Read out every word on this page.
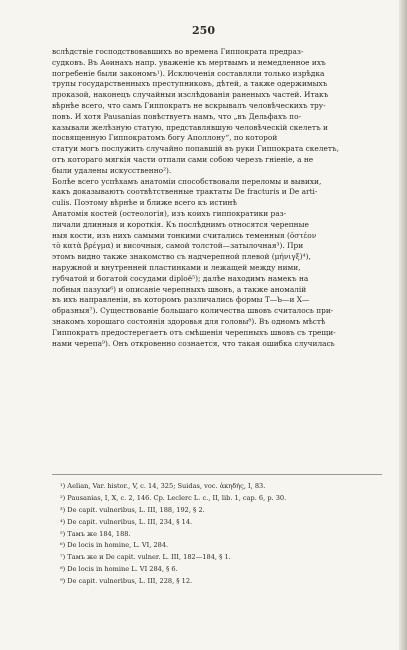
250
вслѣдствіе господствовавшихъ во времена Гиппократа предраз-
судковъ. Въ Аѳинахъ напр. уваженіе къ мертвымъ и немедленное ихъ
погребеніе были закономъ¹). Исключенія составляли только изрѣдка
трупы государственныхъ преступниковъ, дѣтей, а также одержимыхъ
проказой, наконецъ случайныя изслѣдованія раненыхъ частей. Итакъ
вѣрнѣе всего, что самъ Гиппократъ не вскрывалъ человѣческихъ тру-
повъ. И хотя Pausanias повѣствуетъ намъ, что „въ Дельфахъ по-
казывали желѣзную статую, представлявшую человѣческій скелетъ и
посвященную Гиппократомъ богу Аполлону“, по которой
статуи могъ послужить случайно попавшій въ руки Гиппократа скелетъ,
отъ котораго мягкія части отпали сами собою черезъ гніеніе, а не
были удалены искусственно²).
Болѣе всего успѣхамъ анатоміи способствовали переломы и вывихи,
какъ доказываютъ соотвѣтственные трактаты De fracturis и De arti-
culis. Поэтому вѣрнѣе и ближе всего къ истинѣ
Анатомія костей (остеологія), изъ коихъ гиппократики раз-
личали длинныя и короткія. Къ послѣднимъ относятся черепные
ныя кости, изъ нихъ самыми тонкими считались теменныя (ὀστέον
τὸ κατὰ βρέγμα) и височныя, самой толстой—затылочная³). При
этомъ видно также знакомство съ надчерепной плевой (μήνιγξ)⁴),
наружной и внутренней пластинками и лежащей между ними,
губчатой и богатой сосудами diploë⁵); далѣе находимъ намекъ на
лобныя пазухи⁶) и описаніе черепныхъ швовъ, а также аномалій
въ ихъ направленіи, въ которомъ различались формы Т—Ꙏ—и Х—
образныя⁷). Существованіе большаго количества швовъ считалось при-
знакомъ хорошаго состоянія здоровья для головы⁸). Въ одномъ мѣстѣ
Гиппократъ предостерегаетъ отъ смѣшенія черепныхъ швовъ съ трещи-
нами черепа⁹). Онъ откровенно сознается, что такая ошибка случилась
¹) Aelian, Var. histor., V, с. 14, 325; Suidas, voc. ἀκηδής, I, 83.
²) Pausanias, I, X, с. 2, 146. Ср. Leclerc L. c., II, lib. 1, cap. 6, p. 30.
³) De capit. vulneribus, L. III, 188, 192, § 2.
⁴) De capit. vulneribus, L. III, 234, § 14.
⁵) Тамъ же 184, 188.
⁶) De locis in homine, L. VI, 284.
⁷) Тамъ же и De capit. vulner. L. III, 182—184, § 1.
⁸) De locis in homine L. VI 284, § 6.
⁹) De capit. vulneribus, L. III, 228, § 12.
